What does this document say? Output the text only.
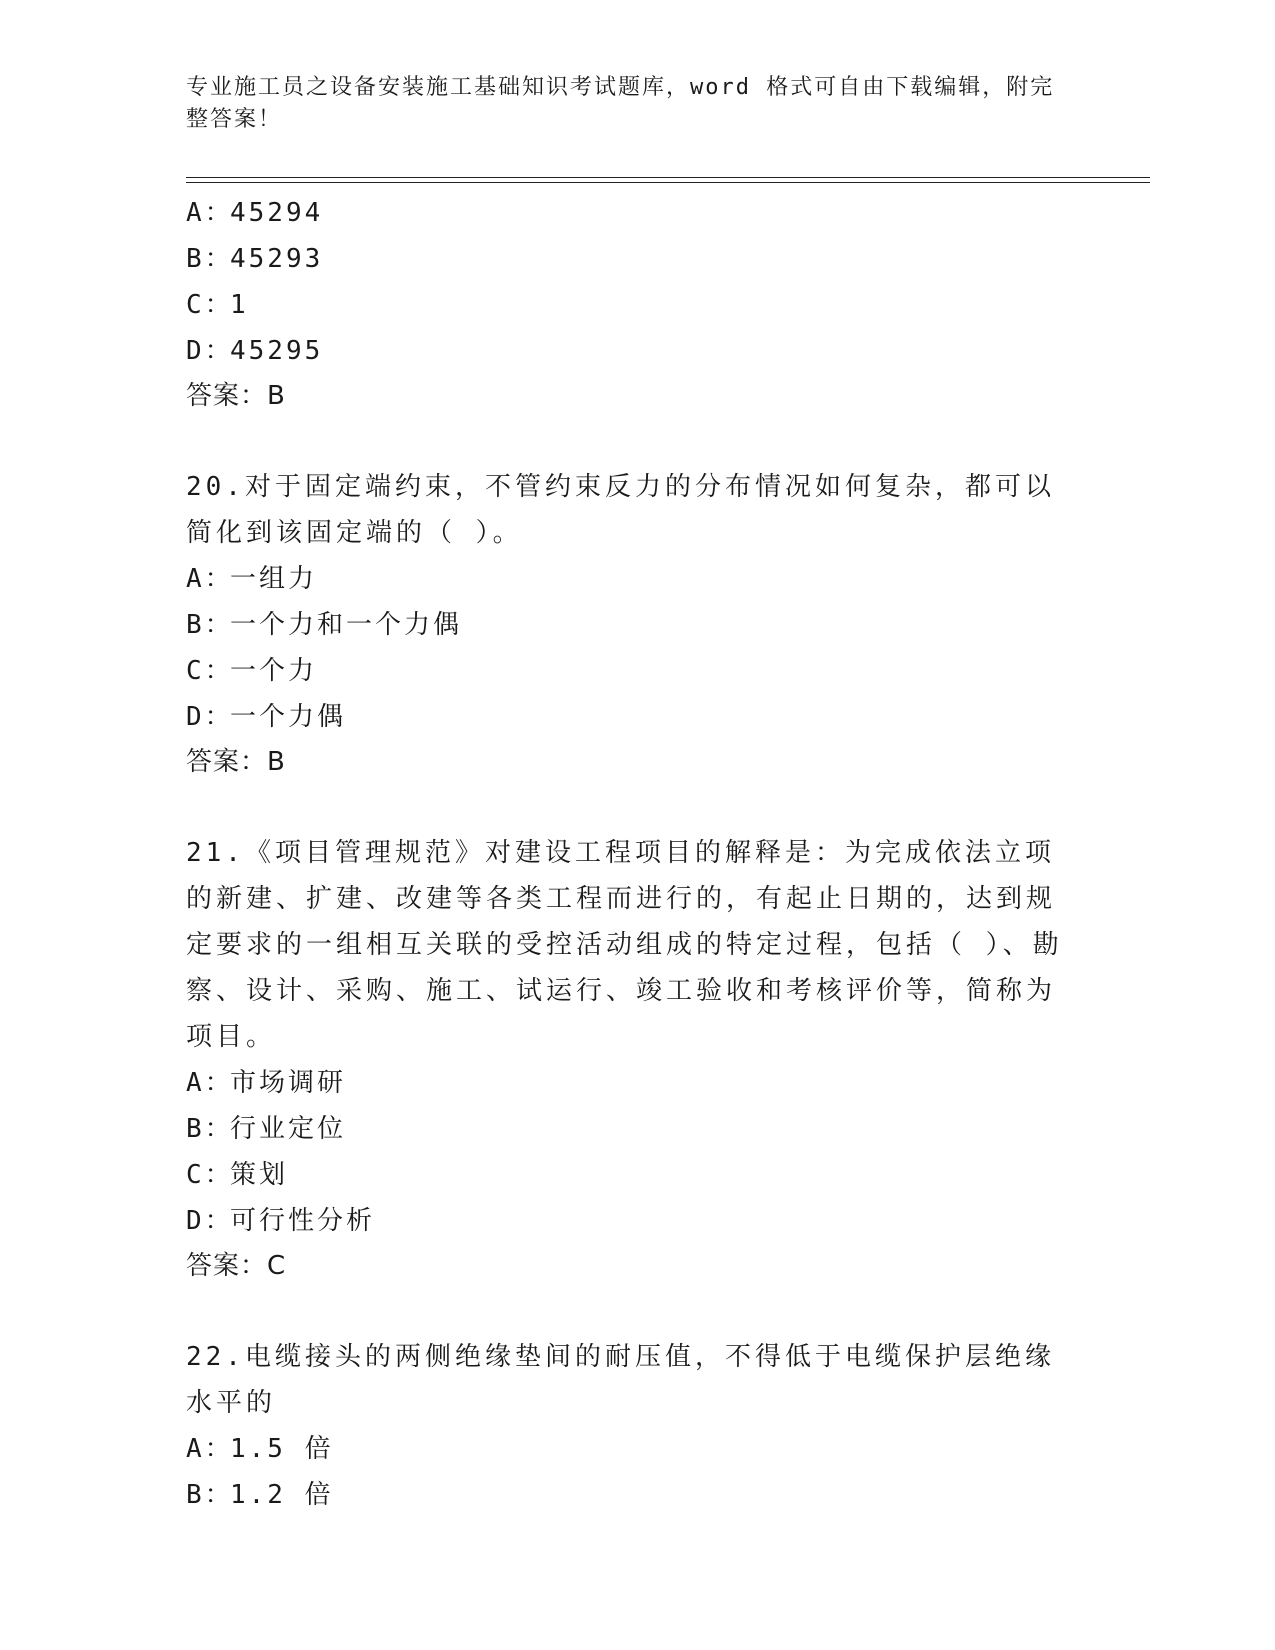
专业施工员之设备安装施工基础知识考试题库，word 格式可自由下载编辑，附完整答案！
A：45294
B：45293
C：1
D：45295
答案：B
20.对于固定端约束，不管约束反力的分布情况如何复杂，都可以简化到该固定端的（ ）。
A：一组力
B：一个力和一个力偶
C：一个力
D：一个力偶
答案：B
21.《项目管理规范》对建设工程项目的解释是：为完成依法立项的新建、扩建、改建等各类工程而进行的，有起止日期的，达到规定要求的一组相互关联的受控活动组成的特定过程，包括（ ）、勘察、设计、采购、施工、试运行、竣工验收和考核评价等，简称为项目。
A：市场调研
B：行业定位
C：策划
D：可行性分析
答案：C
22.电缆接头的两侧绝缘垫间的耐压值，不得低于电缆保护层绝缘水平的
A：1.5 倍
B：1.2 倍
